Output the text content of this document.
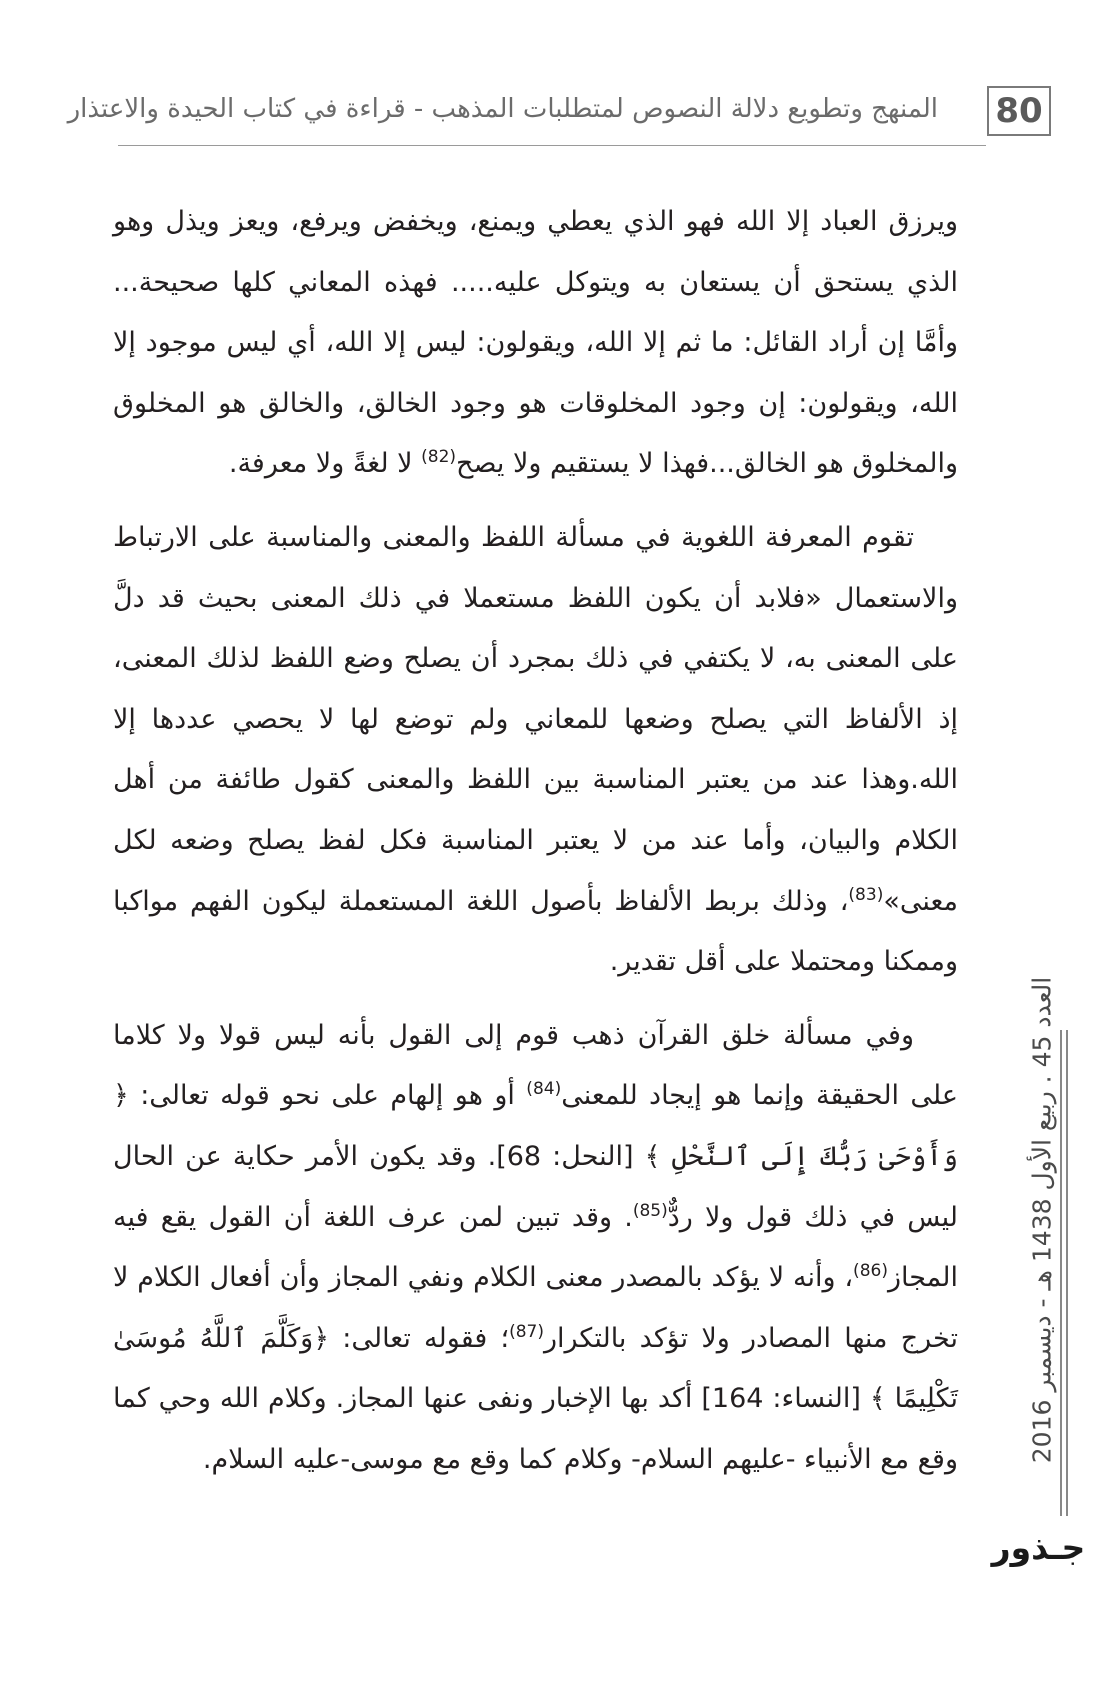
80
المنهج وتطويع دلالة النصوص لمتطلبات المذهب - قراءة في كتاب الحيدة والاعتذار

ويرزق العباد إلا الله فهو الذي يعطي ويمنع، ويخفض ويرفع، ويعز ويذل وهو الذي يستحق أن يستعان به ويتوكل عليه..... فهذه المعاني كلها صحيحة... وأمَّا إن أراد القائل: ما ثم إلا الله، ويقولون: ليس إلا الله، أي ليس موجود إلا الله، ويقولون: إن وجود المخلوقات هو وجود الخالق، والخالق هو المخلوق والمخلوق هو الخالق...فهذا لا يستقيم ولا يصح$^{(82)}$ لا لغةً ولا معرفة.

تقوم المعرفة اللغوية في مسألة اللفظ والمعنى والمناسبة على الارتباط والاستعمال «فلابد أن يكون اللفظ مستعملا في ذلك المعنى بحيث قد دلَّ على المعنى به، لا يكتفي في ذلك بمجرد أن يصلح وضع اللفظ لذلك المعنى، إذ الألفاظ التي يصلح وضعها للمعاني ولم توضع لها لا يحصي عددها إلا الله.وهذا عند من يعتبر المناسبة بين اللفظ والمعنى كقول طائفة من أهل الكلام والبيان، وأما عند من لا يعتبر المناسبة فكل لفظ يصلح وضعه لكل معنى»$^{(83)}$، وذلك بربط الألفاظ بأصول اللغة المستعملة ليكون الفهم مواكبا وممكنا ومحتملا على أقل تقدير.

وفي مسألة خلق القرآن ذهب قوم إلى القول بأنه ليس قولا ولا كلاما على الحقيقة وإنما هو إيجاد للمعنى$^{(84)}$ أو هو إلهام على نحو قوله تعالى: ﴿ وَأَوْحَىٰ رَبُّكَ إِلَى ٱلنَّحْلِ ﴾ [النحل: 68]. وقد يكون الأمر حكاية عن الحال ليس في ذلك قول ولا ردٌّ$^{(85)}$. وقد تبين لمن عرف اللغة أن القول يقع فيه المجاز$^{(86)}$، وأنه لا يؤكد بالمصدر معنى الكلام ونفي المجاز وأن أفعال الكلام لا تخرج منها المصادر ولا تؤكد بالتكرار$^{(87)}$؛ فقوله تعالى: ﴿وَكَلَّمَ ٱللَّهُ مُوسَىٰ تَكْلِيمًا ﴾ [النساء: 164] أكد بها الإخبار ونفى عنها المجاز. وكلام الله وحي كما وقع مع الأنبياء -عليهم السلام- وكلام كما وقع مع موسى-عليه السلام.	العدد 45 . ربيع الأول 1438 هـ - ديسمبر 2016
جـذور
